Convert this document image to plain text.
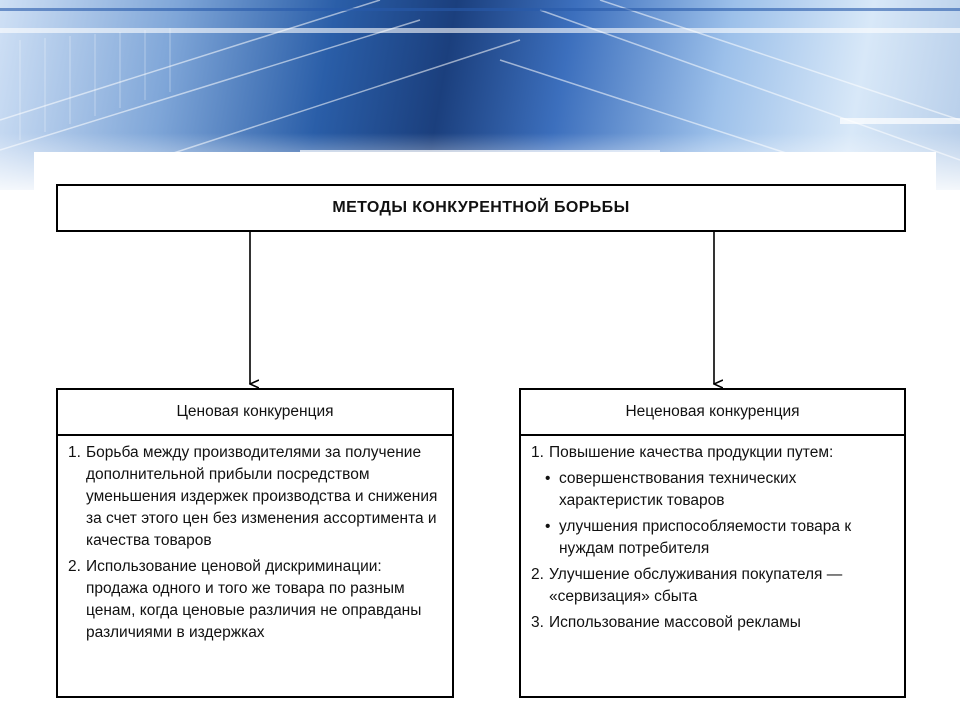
МЕТОДЫ КОНКУРЕНТНОЙ БОРЬБЫ
Ценовая конкуренция
1. Борьба между производителями за получение дополнительной прибыли посредством уменьшения издержек производства и снижения за счет этого цен без изменения ассортимента и качества товаров
2. Использование ценовой дискриминации: продажа одного и того же товара по разным ценам, когда ценовые различия не оправданы различиями в издержках
Неценовая конкуренция
1. Повышение качества продукции путем:
• совершенствования технических характеристик товаров
• улучшения приспособляемости товара к нуждам потребителя
2. Улучшение обслуживания покупателя — «сервизация» сбыта
3. Использование массовой рекламы
